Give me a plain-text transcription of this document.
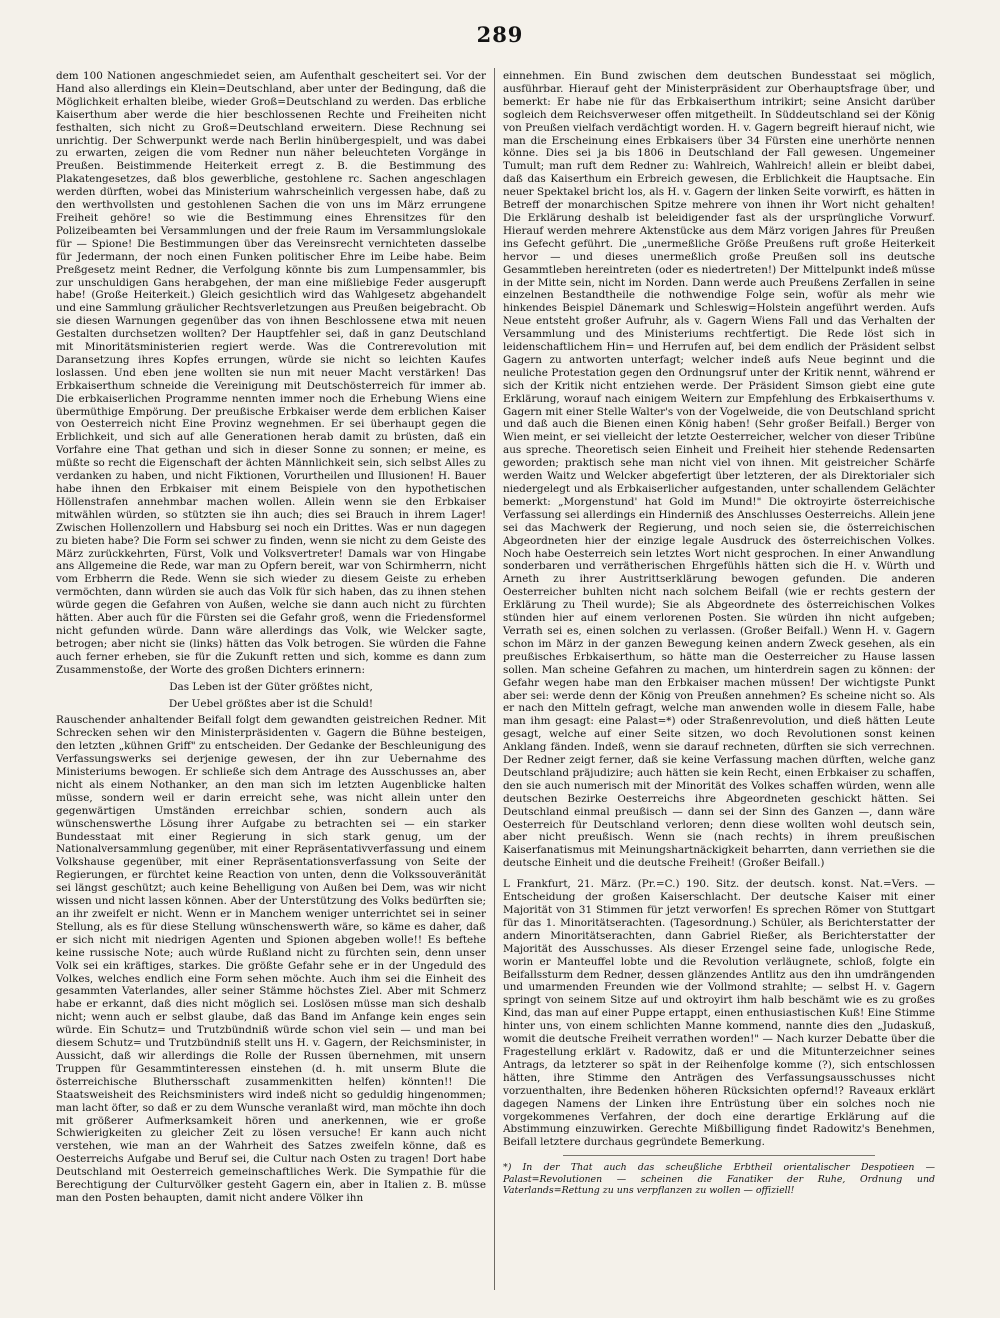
289

dem 100 Nationen angeschmiedet seien, am Aufenthalt gescheitert sei. Vor der Hand also allerdings ein Klein=Deutschland, aber unter der Bedingung, daß die Möglichkeit erhalten bleibe, wieder Groß=Deutschland zu werden. Das erbliche Kaiserthum aber werde die hier beschlossenen Rechte und Freiheiten nicht festhalten, sich nicht zu Groß=Deutschland erweitern. Diese Rechnung sei unrichtig. Der Schwerpunkt werde nach Berlin hinübergespielt, und was dabei zu erwarten, zeigen die vom Redner nun näher beleuchteten Vorgänge in Preußen. Beistimmende Heiterkeit erregt z. B. die Bestimmung des Plakatengesetzes, daß blos gewerbliche, gestohlene rc. Sachen angeschlagen werden dürften, wobei das Ministerium wahrscheinlich vergessen habe, daß zu den werthvollsten und gestohlenen Sachen die von uns im März errungene Freiheit gehöre! so wie die Bestimmung eines Ehrensitzes für den Polizeibeamten bei Versammlungen und der freie Raum im Versammlungslokale für — Spione! Die Bestimmungen über das Vereinsrecht vernichteten dasselbe für Jedermann, der noch einen Funken politischer Ehre im Leibe habe. Beim Preßgesetz meint Redner, die Verfolgung könnte bis zum Lumpensammler, bis zur unschuldigen Gans herabgehen, der man eine mißliebige Feder ausgerupft habe! (Große Heiterkeit.) Gleich gesichtlich wird das Wahlgesetz abgehandelt und eine Sammlung gräulicher Rechtsverletzungen aus Preußen beigebracht. Ob sie diesen Warnungen gegenüber das von ihnen Beschlossene etwa mit neuen Gestalten durchsetzen wollten? Der Hauptfehler sei, daß in ganz Deutschland mit Minoritätsministerien regiert werde. Was die Contrerevolution mit Daransetzung ihres Kopfes errungen, würde sie nicht so leichten Kaufes loslassen. Und eben jene wollten sie nun mit neuer Macht verstärken! Das Erbkaiserthum schneide die Vereinigung mit Deutschösterreich für immer ab. Die erbkaiserlichen Programme nennten immer noch die Erhebung Wiens eine übermüthige Empörung. Der preußische Erbkaiser werde dem erblichen Kaiser von Oesterreich nicht Eine Provinz wegnehmen. Er sei überhaupt gegen die Erblichkeit, und sich auf alle Generationen herab damit zu brüsten, daß ein Vorfahre eine That gethan und sich in dieser Sonne zu sonnen; er meine, es müßte so recht die Eigenschaft der ächten Männlichkeit sein, sich selbst Alles zu verdanken zu haben, und nicht Fiktionen, Vorurtheilen und Illusionen! H. Bauer habe ihnen den Erbkaiser mit einem Beispiele von den hypothetischen Höllenstrafen annehmbar machen wollen. Allein wenn sie den Erbkaiser mitwählen würden, so stützten sie ihn auch; dies sei Brauch in ihrem Lager! Zwischen Hollenzollern und Habsburg sei noch ein Drittes. Was er nun dagegen zu bieten habe? Die Form sei schwer zu finden, wenn sie nicht zu dem Geiste des März zurückkehrten, Fürst, Volk und Volksvertreter! Damals war von Hingabe ans Allgemeine die Rede, war man zu Opfern bereit, war von Schirmherrn, nicht vom Erbherrn die Rede. Wenn sie sich wieder zu diesem Geiste zu erheben vermöchten, dann würden sie auch das Volk für sich haben, das zu ihnen stehen würde gegen die Gefahren von Außen, welche sie dann auch nicht zu fürchten hätten. Aber auch für die Fürsten sei die Gefahr groß, wenn die Friedensformel nicht gefunden würde. Dann wäre allerdings das Volk, wie Welcker sagte, betrogen; aber nicht sie (links) hätten das Volk betrogen. Sie würden die Fahne auch ferner erheben, sie für die Zukunft retten und sich, komme es dann zum Zusammenstoße, der Worte des großen Dichters erinnern:

Das Leben ist der Güter größtes nicht,

Der Uebel größtes aber ist die Schuld!

Rauschender anhaltender Beifall folgt dem gewandten geistreichen Redner. Mit Schrecken sehen wir den Ministerpräsidenten v. Gagern die Bühne besteigen, den letzten „kühnen Griff" zu entscheiden. Der Gedanke der Beschleunigung des Verfassungswerks sei derjenige gewesen, der ihn zur Uebernahme des Ministeriums bewogen. Er schließe sich dem Antrage des Ausschusses an, aber nicht als einem Nothanker, an den man sich im letzten Augenblicke halten müsse, sondern weil er darin erreicht sehe, was nicht allein unter den gegenwärtigen Umständen erreichbar schien, sondern auch als wünschenswerthe Lösung ihrer Aufgabe zu betrachten sei — ein starker Bundesstaat mit einer Regierung in sich stark genug, um der Nationalversammlung gegenüber, mit einer Repräsentativverfassung und einem Volkshause gegenüber, mit einer Repräsentationsverfassung von Seite der Regierungen, er fürchtet keine Reaction von unten, denn die Volkssouveränität sei längst geschützt; auch keine Behelligung von Außen bei Dem, was wir nicht wissen und nicht lassen können. Aber der Unterstützung des Volks bedürften sie; an ihr zweifelt er nicht. Wenn er in Manchem weniger unterrichtet sei in seiner Stellung, als es für diese Stellung wünschenswerth wäre, so käme es daher, daß er sich nicht mit niedrigen Agenten und Spionen abgeben wolle!! Es beftehe keine russische Note; auch würde Rußland nicht zu fürchten sein, denn unser Volk sei ein kräftiges, starkes. Die größte Gefahr sehe er in der Ungeduld des Volkes, welches endlich eine Form sehen möchte. Auch ihm sei die Einheit des gesammten Vaterlandes, aller seiner Stämme höchstes Ziel. Aber mit Schmerz habe er erkannt, daß dies nicht möglich sei. Loslösen müsse man sich deshalb nicht; wenn auch er selbst glaube, daß das Band im Anfange kein enges sein würde. Ein Schutz= und Trutzbündniß würde schon viel sein — und man bei diesem Schutz= und Trutzbündniß stellt uns H. v. Gagern, der Reichsminister, in Aussicht, daß wir allerdings die Rolle der Russen übernehmen, mit unsern Truppen für Gesammtinteressen einstehen (d. h. mit unserm Blute die österreichische Bluthersschaft zusammenkitten helfen) könnten!! Die Staatsweisheit des Reichsministers wird indeß nicht so geduldig hingenommen; man lacht öfter, so daß er zu dem Wunsche veranlaßt wird, man möchte ihn doch mit größerer Aufmerksamkeit hören und anerkennen, wie er große Schwierigkeiten zu gleicher Zeit zu lösen versuche! Er kann auch nicht verstehen, wie man an der Wahrheit des Satzes zweifeln könne, daß es Oesterreichs Aufgabe und Beruf sei, die Cultur nach Osten zu tragen! Dort habe Deutschland mit Oesterreich gemeinschaftliches Werk. Die Sympathie für die Berechtigung der Culturvölker gesteht Gagern ein, aber in Italien z. B. müsse man den Posten behaupten, damit nicht andere Völker ihn

einnehmen. Ein Bund zwischen dem deutschen Bundesstaat sei möglich, ausführbar. Hierauf geht der Ministerpräsident zur Oberhauptsfrage über, und bemerkt: Er habe nie für das Erbkaiserthum intrikirt; seine Ansicht darüber sogleich dem Reichsverweser offen mitgetheilt. In Süddeutschland sei der König von Preußen vielfach verdächtigt worden. H. v. Gagern begreift hierauf nicht, wie man die Erscheinung eines Erbkaisers über 34 Fürsten eine unerhörte nennen könne. Dies sei ja bis 1806 in Deutschland der Fall gewesen. Ungemeiner Tumult; man ruft dem Redner zu: Wahlreich, Wahlreich! allein er bleibt dabei, daß das Kaiserthum ein Erbreich gewesen, die Erblichkeit die Hauptsache. Ein neuer Spektakel bricht los, als H. v. Gagern der linken Seite vorwirft, es hätten in Betreff der monarchischen Spitze mehrere von ihnen ihr Wort nicht gehalten! Die Erklärung deshalb ist beleidigender fast als der ursprüngliche Vorwurf. Hierauf werden mehrere Aktenstücke aus dem März vorigen Jahres für Preußen ins Gefecht geführt. Die „unermeßliche Größe Preußens ruft große Heiterkeit hervor — und dieses unermeßlich große Preußen soll ins deutsche Gesammtleben hereintreten (oder es niedertreten!) Der Mittelpunkt indeß müsse in der Mitte sein, nicht im Norden. Dann werde auch Preußens Zerfallen in seine einzelnen Bestandtheile die nothwendige Folge sein, wofür als mehr wie hinkendes Beispiel Dänemark und Schleswig=Holstein angeführt werden. Aufs Neue entsteht großer Aufruhr, als v. Gagern Wiens Fall und das Verhalten der Versammlung und des Ministeriums rechtfertigt. Die Rede löst sich in leidenschaftlichem Hin= und Herrufen auf, bei dem endlich der Präsident selbst Gagern zu antworten unterfagt; welcher indeß aufs Neue beginnt und die neuliche Protestation gegen den Ordnungsruf unter der Kritik nennt, während er sich der Kritik nicht entziehen werde. Der Präsident Simson giebt eine gute Erklärung, worauf nach einigem Weitern zur Empfehlung des Erbkaiserthums v. Gagern mit einer Stelle Walter's von der Vogelweide, die von Deutschland spricht und daß auch die Bienen einen König haben! (Sehr großer Beifall.) Berger von Wien meint, er sei vielleicht der letzte Oesterreicher, welcher von dieser Tribüne aus spreche. Theoretisch seien Einheit und Freiheit hier stehende Redensarten geworden; praktisch sehe man nicht viel von ihnen. Mit geistreicher Schärfe werden Waitz und Welcker abgefertigt über letzteren, der als Direktorialer sich niedergelegt und als Erbkaiserlicher aufgestanden, unter schallendem Gelächter bemerkt: „Morgenstund' hat Gold im Mund!" Die oktroyirte österreichische Verfassung sei allerdings ein Hinderniß des Anschlusses Oesterreichs. Allein jene sei das Machwerk der Regierung, und noch seien sie, die österreichischen Abgeordneten hier der einzige legale Ausdruck des österreichischen Volkes. Noch habe Oesterreich sein letztes Wort nicht gesprochen. In einer Anwandlung sonderbaren und verrätherischen Ehrgefühls hätten sich die H. v. Würth und Arneth zu ihrer Austrittserklärung bewogen gefunden. Die anderen Oesterreicher buhlten nicht nach solchem Beifall (wie er rechts gestern der Erklärung zu Theil wurde); Sie als Abgeordnete des österreichischen Volkes stünden hier auf einem verlorenen Posten. Sie würden ihn nicht aufgeben; Verrath sei es, einen solchen zu verlassen. (Großer Beifall.) Wenn H. v. Gagern schon im März in der ganzen Bewegung keinen andern Zweck gesehen, als ein preußisches Erbkaiserthum, so hätte man die Oesterreicher zu Hause lassen sollen. Man scheine Gefahren zu machen, um hinterdrein sagen zu können: der Gefahr wegen habe man den Erbkaiser machen müssen! Der wichtigste Punkt aber sei: werde denn der König von Preußen annehmen? Es scheine nicht so. Als er nach den Mitteln gefragt, welche man anwenden wolle in diesem Falle, habe man ihm gesagt: eine Palast=*) oder Straßenrevolution, und dieß hätten Leute gesagt, welche auf einer Seite sitzen, wo doch Revolutionen sonst keinen Anklang fänden. Indeß, wenn sie darauf rechneten, dürften sie sich verrechnen. Der Redner zeigt ferner, daß sie keine Verfassung machen dürften, welche ganz Deutschland präjudizire; auch hätten sie kein Recht, einen Erbkaiser zu schaffen, den sie auch numerisch mit der Minorität des Volkes schaffen würden, wenn alle deutschen Bezirke Oesterreichs ihre Abgeordneten geschickt hätten. Sei Deutschland einmal preußisch — dann sei der Sinn des Ganzen —, dann wäre Oesterreich für Deutschland verloren; denn diese wollten wohl deutsch sein, aber nicht preußisch. Wenn sie (nach rechts) in ihrem preußischen Kaiserfanatismus mit Meinungshartnäckigkeit beharrten, dann verriethen sie die deutsche Einheit und die deutsche Freiheit! (Großer Beifall.)

L Frankfurt, 21. März. (Pr.=C.) 190. Sitz. der deutsch. konst. Nat.=Vers. — Entscheidung der großen Kaiserschlacht. Der deutsche Kaiser mit einer Majorität von 31 Stimmen für jetzt verworfen! Es sprechen Römer von Stuttgart für das 1. Minoritätserachten. (Tagesordnung.) Schüler, als Berichterstatter der andern Minoritätserachten, dann Gabriel Rießer, als Berichterstatter der Majorität des Ausschusses. Als dieser Erzengel seine fade, unlogische Rede, worin er Manteuffel lobte und die Revolution verläugnete, schloß, folgte ein Beifallssturm dem Redner, dessen glänzendes Antlitz aus den ihn umdrängenden und umarmenden Freunden wie der Vollmond strahlte; — selbst H. v. Gagern springt von seinem Sitze auf und oktroyirt ihm halb beschämt wie es zu großes Kind, das man auf einer Puppe ertappt, einen enthusiastischen Kuß! Eine Stimme hinter uns, von einem schlichten Manne kommend, nannte dies den „Judaskuß, womit die deutsche Freiheit verrathen worden!" — Nach kurzer Debatte über die Fragestellung erklärt v. Radowitz, daß er und die Mitunterzeichner seines Antrags, da letzterer so spät in der Reihenfolge komme (?), sich entschlossen hätten, ihre Stimme den Anträgen des Verfassungsausschusses nicht vorzuenthalten, ihre Bedenken höheren Rücksichten opfernd!? Raveaux erklärt dagegen Namens der Linken ihre Entrüstung über ein solches noch nie vorgekommenes Verfahren, der doch eine derartige Erklärung auf die Abstimmung einzuwirken. Gerechte Mißbilligung findet Radowitz's Benehmen, Beifall letztere durchaus gegründete Bemerkung.

*) In der That auch das scheußliche Erbtheil orientalischer Despotieen — Palast=Revolutionen — scheinen die Fanatiker der Ruhe, Ordnung und Vaterlands=Rettung zu uns verpflanzen zu wollen — offiziell!
